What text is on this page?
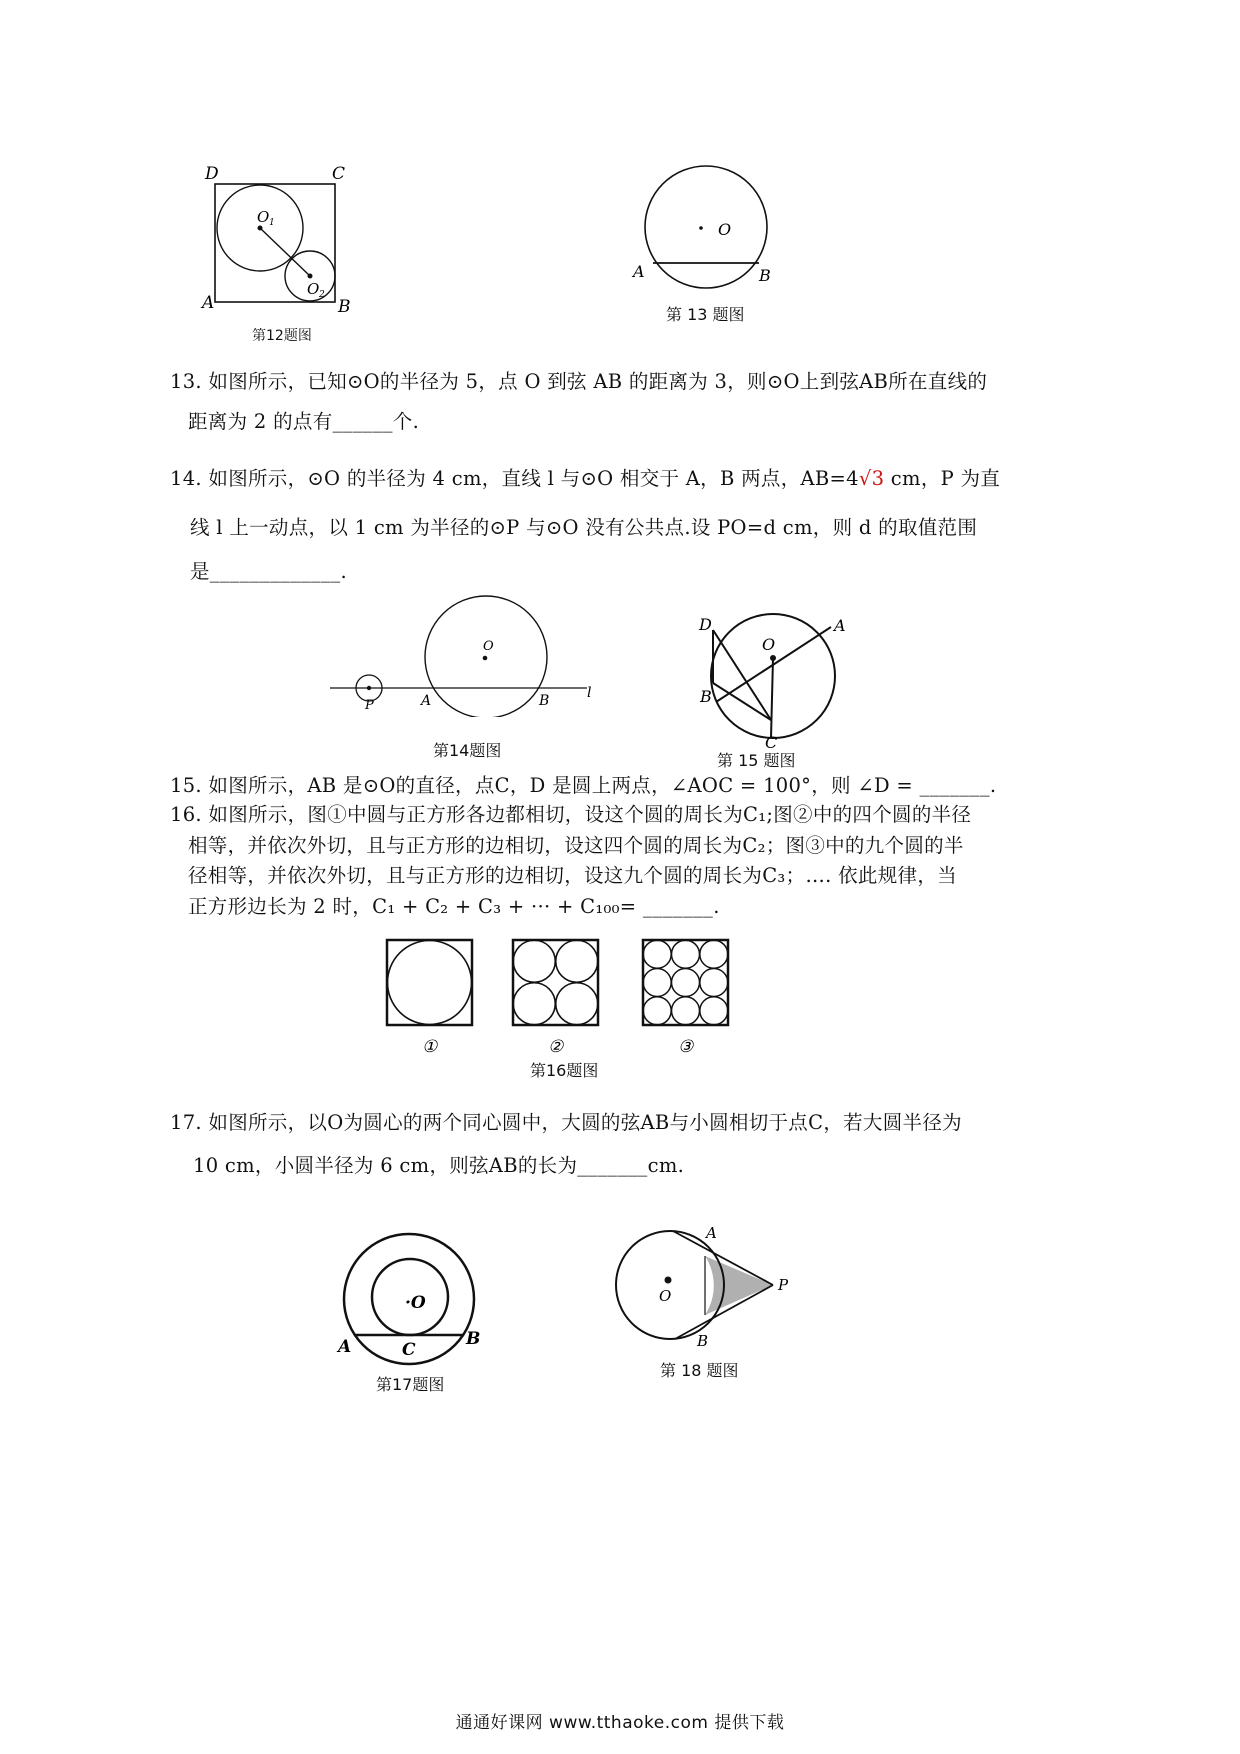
D	C
A	B
O 1
O 2
第12题图
O
A	B
第 13 题图
13. 如图所示，已知⊙O的半径为 5，点 O 到弦 AB 的距离为 3，则⊙O上到弦AB所在直线的
距离为 2 的点有______个.
14. 如图所示，⊙O 的半径为 4 cm，直线 l 与⊙O 相交于 A，B 两点，AB=4√3 cm，P 为直
线 l 上一动点，以 1 cm 为半径的⊙P 与⊙O 没有公共点.设 PO=d cm，则 d 的取值范围
是_____________.
O
P	A	B	l
第14题图
D	A
O
B
C
第 15 题图
15. 如图所示，AB 是⊙O的直径，点C，D 是圆上两点，∠AOC = 100°，则 ∠D = _______.
16. 如图所示，图①中圆与正方形各边都相切，设这个圆的周长为C₁;图②中的四个圆的半径
相等，并依次外切，且与正方形的边相切，设这四个圆的周长为C₂；图③中的九个圆的半
径相等，并依次外切，且与正方形的边相切，设这九个圆的周长为C₃；…. 依此规律，当
正方形边长为 2 时，C₁ + C₂ + C₃ + ··· + C₁₀₀= _______.
①	②	③
第16题图
17. 如图所示，以O为圆心的两个同心圆中，大圆的弦AB与小圆相切于点C，若大圆半径为
10 cm，小圆半径为 6 cm，则弦AB的长为_______cm.
·O
A	B
C
第17题图
A
B
O
P
第 18 题图
通通好课网 www.tthaoke.com 提供下载
